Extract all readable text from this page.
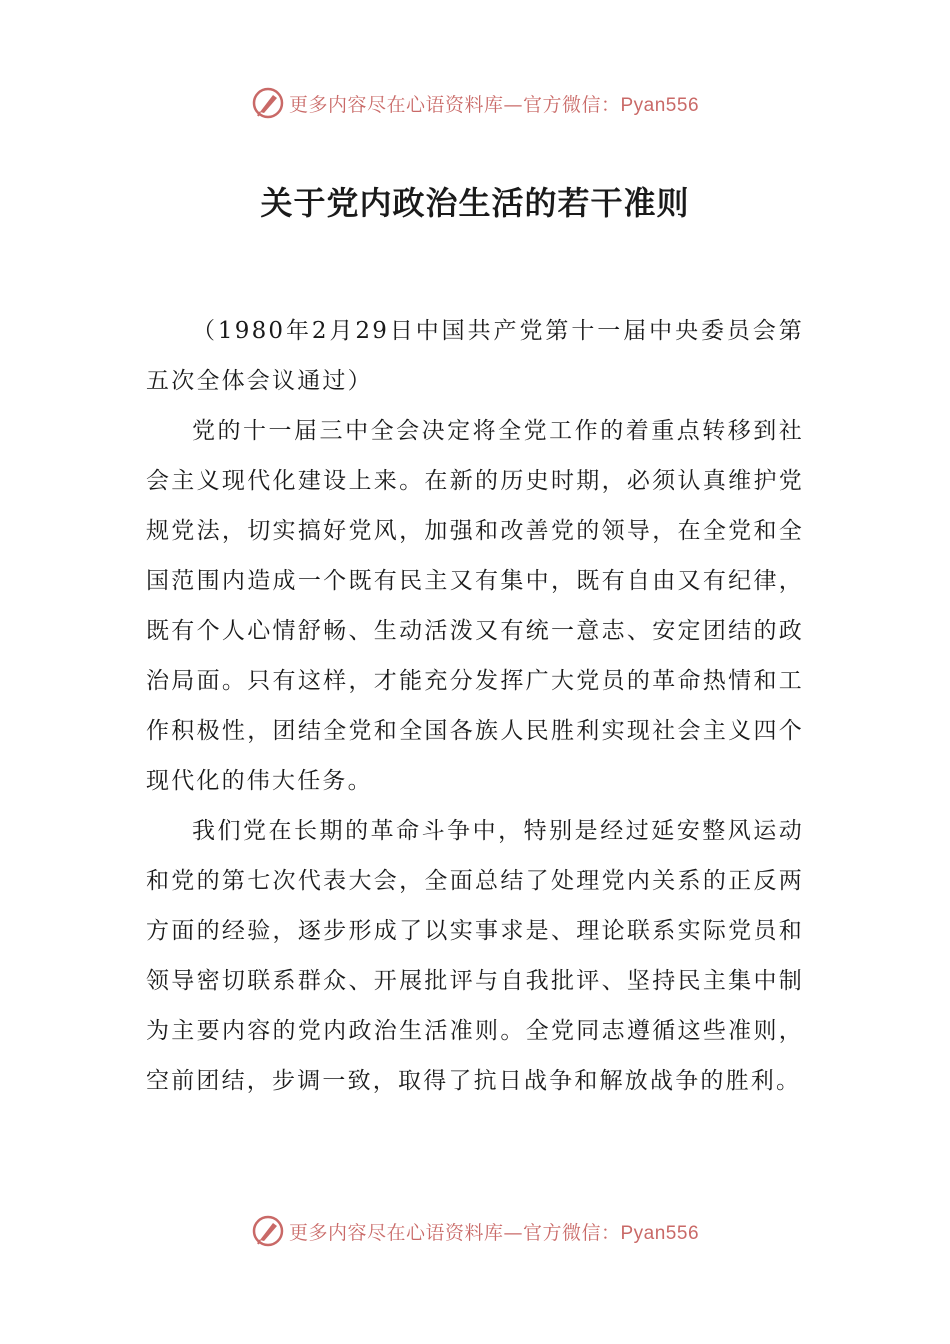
更多内容尽在心语资料库—官方微信：Pyan556
关于党内政治生活的若干准则

（1980年2月29日中国共产党第十一届中央委员会第五次全体会议通过）

党的十一届三中全会决定将全党工作的着重点转移到社会主义现代化建设上来。在新的历史时期，必须认真维护党规党法，切实搞好党风，加强和改善党的领导，在全党和全国范围内造成一个既有民主又有集中，既有自由又有纪律，既有个人心情舒畅、生动活泼又有统一意志、安定团结的政治局面。只有这样，才能充分发挥广大党员的革命热情和工作积极性，团结全党和全国各族人民胜利实现社会主义四个现代化的伟大任务。

我们党在长期的革命斗争中，特别是经过延安整风运动和党的第七次代表大会，全面总结了处理党内关系的正反两方面的经验，逐步形成了以实事求是、理论联系实际党员和领导密切联系群众、开展批评与自我批评、坚持民主集中制为主要内容的党内政治生活准则。全党同志遵循这些准则，空前团结，步调一致，取得了抗日战争和解放战争的胜利。

更多内容尽在心语资料库—官方微信：Pyan556
